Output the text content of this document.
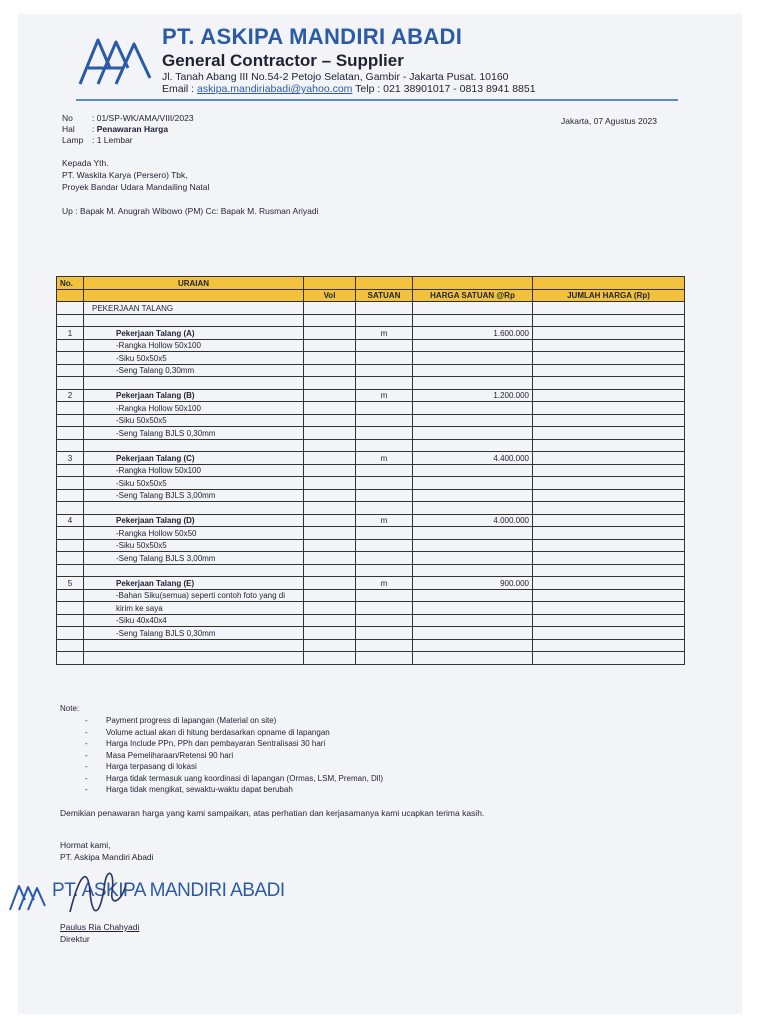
PT. ASKIPA MANDIRI ABADI
General Contractor – Supplier
Jl. Tanah Abang III No.54-2 Petojo Selatan, Gambir - Jakarta Pusat. 10160
Email : askipa.mandiriabadi@yahoo.com Telp : 021 38901017 - 0813 8941 8851
No : 01/SP-WK/AMA/VIII/2023
Hal : Penawaran Harga
Lamp : 1 Lembar
Jakarta, 07 Agustus 2023
Kepada Yth.
PT. Waskita Karya (Persero) Tbk,
Proyek Bandar Udara Mandailing Natal
Up : Bapak M. Anugrah Wibowo (PM) Cc: Bapak M. Rusman Ariyadi
No.	URAIAN				
		Vol	SATUAN	HARGA SATUAN @Rp	JUMLAH HARGA (Rp)
	PEKERJAAN TALANG				

1	Pekerjaan Talang (A)		m	1.600.000	
	-Rangka Hollow 50x100				
	-Siku 50x50x5				
	-Seng Talang 0,30mm				

2	Pekerjaan Talang (B)		m	1.200.000	
	-Rangka Hollow 50x100				
	-Siku 50x50x5				
	-Seng Talang BJLS 0,30mm				

3	Pekerjaan Talang (C)		m	4.400.000	
	-Rangka Hollow 50x100				
	-Siku 50x50x5				
	-Seng Talang BJLS 3,00mm				

4	Pekerjaan Talang (D)		m	4.000.000	
	-Rangka Hollow 50x50				
	-Siku 50x50x5				
	-Seng Talang BJLS 3,00mm				

5	Pekerjaan Talang (E)		m	900.000	
	-Bahan Siku(semua) seperti contoh foto yang di				
	kirim ke saya				
	-Siku 40x40x4				
	-Seng Talang BJLS 0,30mm				

Note:
- Payment progress di lapangan (Material on site)
- Volume actual akan di hitung berdasarkan opname di lapangan
- Harga Include PPn, PPh dan pembayaran Sentralisasi 30 hari
- Masa Pemeliharaan/Retensi 90 hari
- Harga terpasang di lokasi
- Harga tidak termasuk uang koordinasi di lapangan (Ormas, LSM, Preman, Dll)
- Harga tidak mengikat, sewaktu-waktu dapat berubah
Demikian penawaran harga yang kami sampaikan, atas perhatian dan kerjasamanya kami ucapkan terima kasih.
Hormat kami,
PT. Askipa Mandiri Abadi
PT. ASKIPA MANDIRI ABADI
Paulus Ria Chahyadi
Direktur
